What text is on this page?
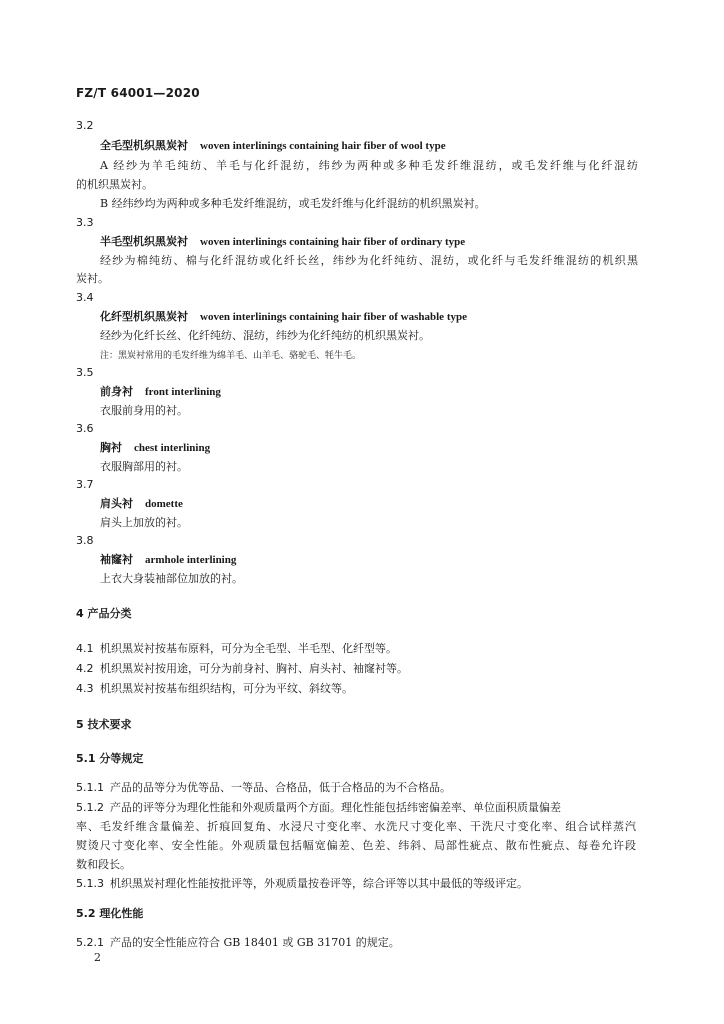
FZ/T 64001—2020
3.2
全毛型机织黑炭衬 woven interlinings containing hair fiber of wool type
A 经纱为羊毛纯纺、羊毛与化纤混纺，纬纱为两种或多种毛发纤维混纺，或毛发纤维与化纤混纺
的机织黑炭衬。
B 经纬纱均为两种或多种毛发纤维混纺，或毛发纤维与化纤混纺的机织黑炭衬。
3.3
半毛型机织黑炭衬 woven interlinings containing hair fiber of ordinary type
经纱为棉纯纺、棉与化纤混纺或化纤长丝，纬纱为化纤纯纺、混纺，或化纤与毛发纤维混纺的机织黑
炭衬。
3.4
化纤型机织黑炭衬 woven interlinings containing hair fiber of washable type
经纱为化纤长丝、化纤纯纺、混纺，纬纱为化纤纯纺的机织黑炭衬。
注：黑炭衬常用的毛发纤维为绵羊毛、山羊毛、骆驼毛、牦牛毛。
3.5
前身衬 front interlining
衣服前身用的衬。
3.6
胸衬 chest interlining
衣服胸部用的衬。
3.7
肩头衬 domette
肩头上加放的衬。
3.8
袖窿衬 armhole interlining
上衣大身装袖部位加放的衬。
4 产品分类
4.1 机织黑炭衬按基布原料，可分为全毛型、半毛型、化纤型等。
4.2 机织黑炭衬按用途，可分为前身衬、胸衬、肩头衬、袖窿衬等。
4.3 机织黑炭衬按基布组织结构，可分为平纹、斜纹等。
5 技术要求
5.1 分等规定
5.1.1 产品的品等分为优等品、一等品、合格品，低于合格品的为不合格品。
5.1.2 产品的评等分为理化性能和外观质量两个方面。理化性能包括纬密偏差率、单位面积质量偏差
率、毛发纤维含量偏差、折痕回复角、水浸尺寸变化率、水洗尺寸变化率、干洗尺寸变化率、组合试样蒸汽
熨烫尺寸变化率、安全性能。外观质量包括幅宽偏差、色差、纬斜、局部性疵点、散布性疵点、每卷允许段
数和段长。
5.1.3 机织黑炭衬理化性能按批评等，外观质量按卷评等，综合评等以其中最低的等级评定。
5.2 理化性能
5.2.1 产品的安全性能应符合 GB 18401 或 GB 31701 的规定。
2
